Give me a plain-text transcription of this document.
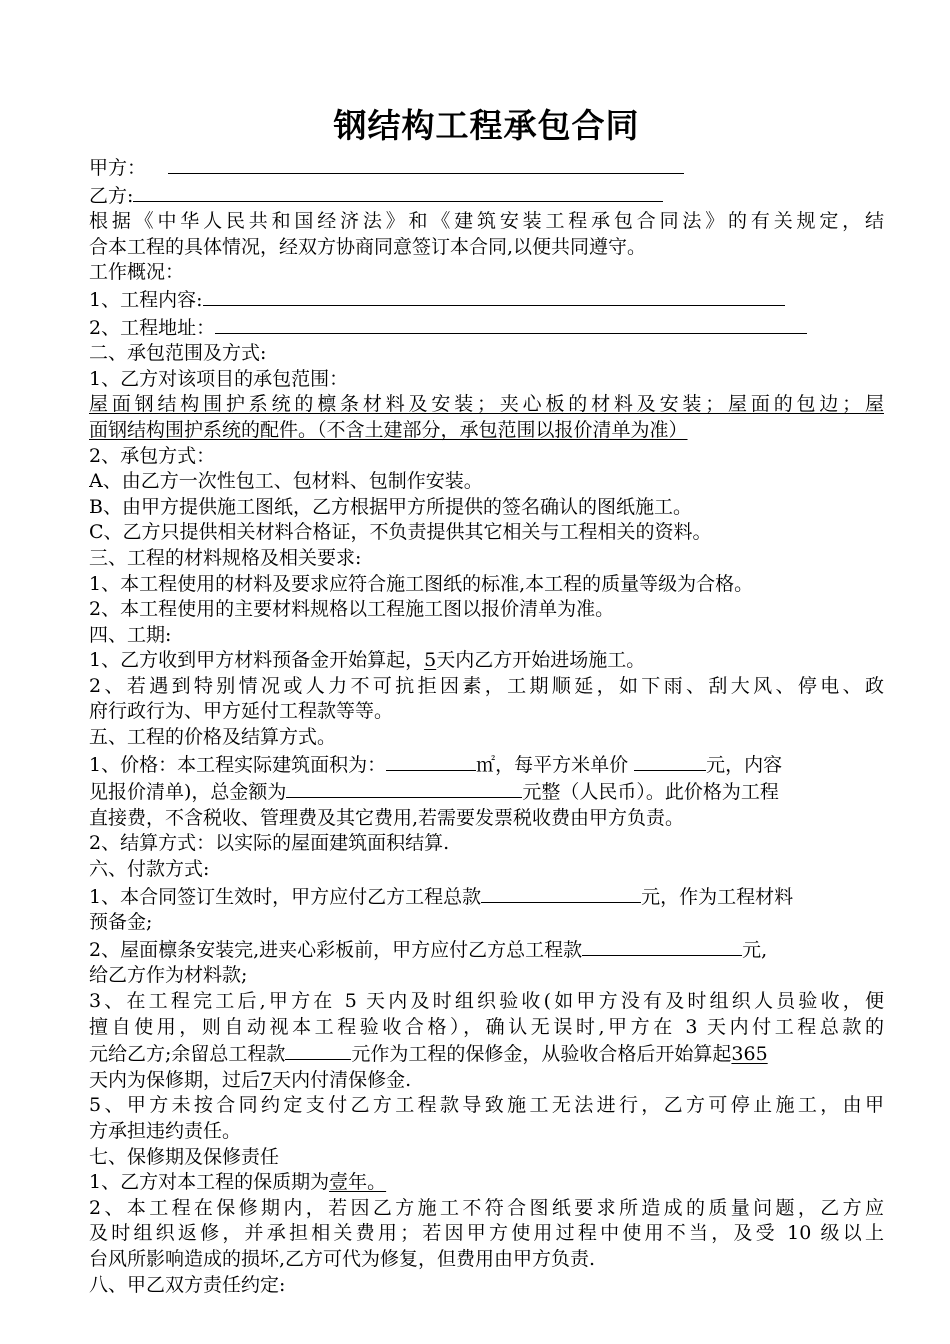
钢结构工程承包合同
甲方：
乙方:
根据《中华人民共和国经济法》和《建筑安装工程承包合同法》的有关规定，结
合本工程的具体情况，经双方协商同意签订本合同,以便共同遵守。
工作概况：
1、工程内容:
2、工程地址：
二、承包范围及方式:
1、乙方对该项目的承包范围：
屋面钢结构围护系统的檩条材料及安装；夹心板的材料及安装；屋面的包边；屋
面钢结构围护系统的配件。（不含土建部分，承包范围以报价清单为准）
2、承包方式：
A、由乙方一次性包工、包材料、包制作安装。
B、由甲方提供施工图纸，乙方根据甲方所提供的签名确认的图纸施工。
C、乙方只提供相关材料合格证，不负责提供其它相关与工程相关的资料。
三、工程的材料规格及相关要求:
1、本工程使用的材料及要求应符合施工图纸的标准,本工程的质量等级为合格。
2、本工程使用的主要材料规格以工程施工图以报价清单为准。
四、工期:
1、乙方收到甲方材料预备金开始算起，5天内乙方开始进场施工。
2、若遇到特别情况或人力不可抗拒因素，工期顺延，如下雨、刮大风、停电、政
府行政行为、甲方延付工程款等等。
五、工程的价格及结算方式。
1、价格：本工程实际建筑面积为：	㎡，每平方米单价	元，内容
见报价清单)，总金额为	元整（人民币）。此价格为工程
直接费，不含税收、管理费及其它费用,若需要发票税收费由甲方负责。
2、结算方式：以实际的屋面建筑面积结算.
六、付款方式:
1、本合同签订生效时，甲方应付乙方工程总款	元，作为工程材料
预备金;
2、屋面檩条安装完,进夹心彩板前，甲方应付乙方总工程款	元,
给乙方作为材料款;
3、在工程完工后,甲方在 5 天内及时组织验收(如甲方没有及时组织人员验收，便
擅自使用，则自动视本工程验收合格），确认无误时,甲方在 3 天内付工程总款的
元给乙方;余留总工程款	元作为工程的保修金，从验收合格后开始算起365
天内为保修期，过后7天内付清保修金.
5、甲方未按合同约定支付乙方工程款导致施工无法进行，乙方可停止施工，由甲
方承担违约责任。
七、保修期及保修责任
1、乙方对本工程的保质期为壹年。
2、本工程在保修期内，若因乙方施工不符合图纸要求所造成的质量问题，乙方应
及时组织返修，并承担相关费用；若因甲方使用过程中使用不当，及受 10 级以上
台风所影响造成的损坏,乙方可代为修复，但费用由甲方负责.
八、甲乙双方责任约定:
